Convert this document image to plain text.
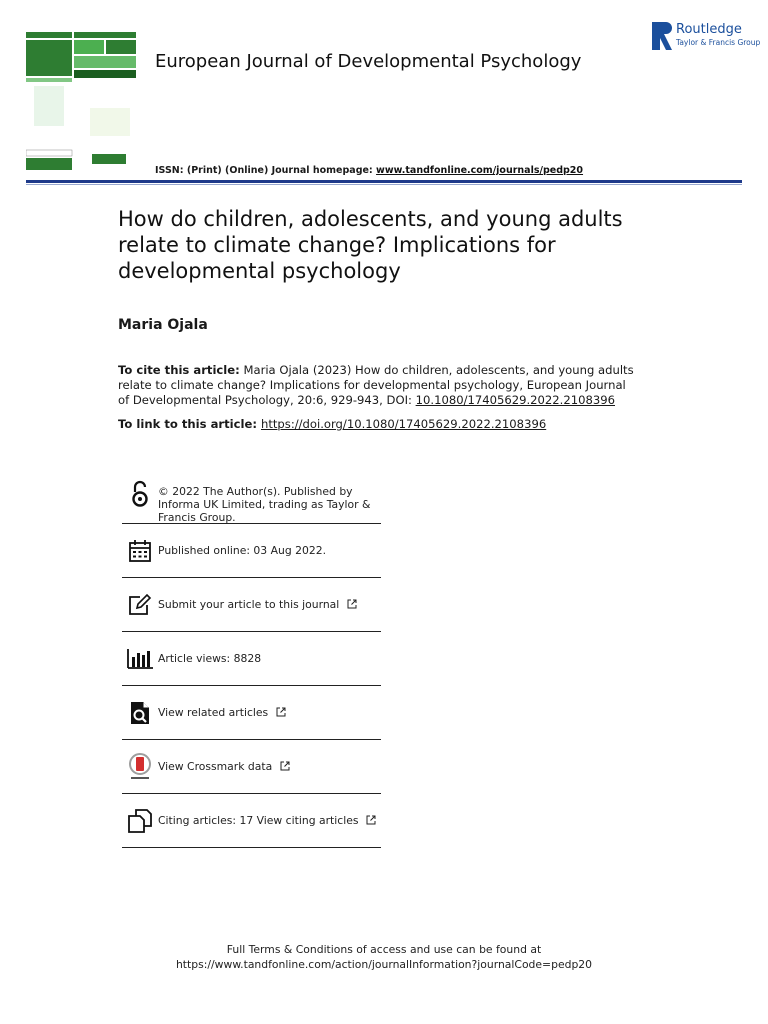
European Journal of Developmental Psychology
Routledge
Taylor & Francis Group
ISSN: (Print) (Online) Journal homepage: www.tandfonline.com/journals/pedp20
How do children, adolescents, and young adults relate to climate change? Implications for developmental psychology
Maria Ojala
To cite this article: Maria Ojala (2023) How do children, adolescents, and young adults relate to climate change? Implications for developmental psychology, European Journal of Developmental Psychology, 20:6, 929-943, DOI: 10.1080/17405629.2022.2108396
To link to this article: https://doi.org/10.1080/17405629.2022.2108396
© 2022 The Author(s). Published by Informa UK Limited, trading as Taylor & Francis Group.
Published online: 03 Aug 2022.
Submit your article to this journal
Article views: 8828
View related articles
View Crossmark data
Citing articles: 17 View citing articles
Full Terms & Conditions of access and use can be found at
https://www.tandfonline.com/action/journalInformation?journalCode=pedp20
